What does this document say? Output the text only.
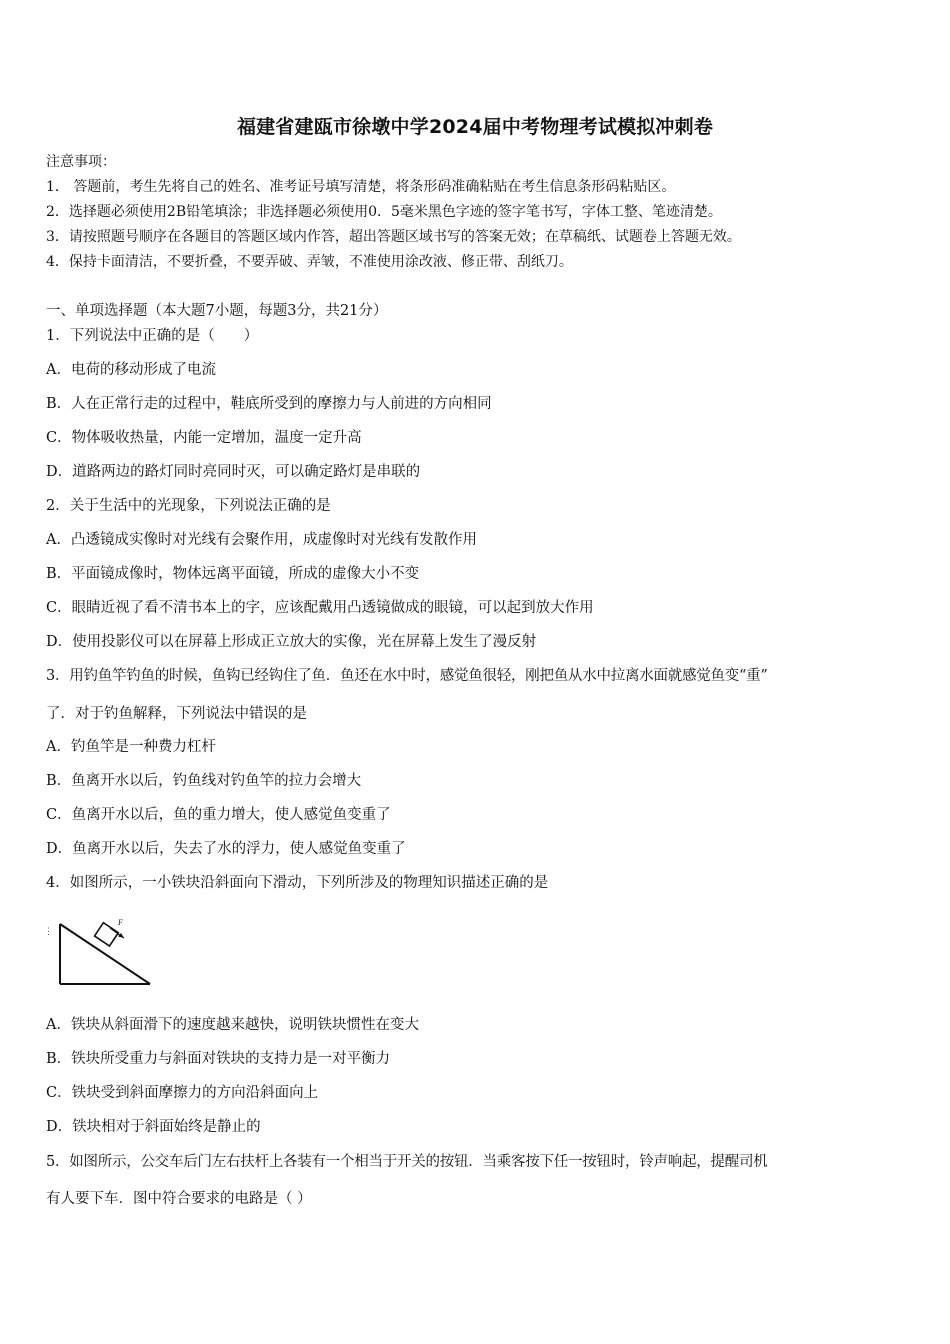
福建省建瓯市徐墩中学2024届中考物理考试模拟冲刺卷
注意事项：
1． 答题前，考生先将自己的姓名、准考证号填写清楚，将条形码准确粘贴在考生信息条形码粘贴区。
2．选择题必须使用2B铅笔填涂；非选择题必须使用0．5毫米黑色字迹的签字笔书写，字体工整、笔迹清楚。
3．请按照题号顺序在各题目的答题区域内作答，超出答题区域书写的答案无效；在草稿纸、试题卷上答题无效。
4．保持卡面清洁，不要折叠，不要弄破、弄皱，不准使用涂改液、修正带、刮纸刀。
一、单项选择题（本大题7小题，每题3分，共21分）
1．下列说法中正确的是（　　）
A．电荷的移动形成了电流
B．人在正常行走的过程中，鞋底所受到的摩擦力与人前进的方向相同
C．物体吸收热量，内能一定增加，温度一定升高
D．道路两边的路灯同时亮同时灭，可以确定路灯是串联的
2．关于生活中的光现象，下列说法正确的是
A．凸透镜成实像时对光线有会聚作用，成虚像时对光线有发散作用
B．平面镜成像时，物体远离平面镜，所成的虚像大小不变
C．眼睛近视了看不清书本上的字，应该配戴用凸透镜做成的眼镜，可以起到放大作用
D．使用投影仪可以在屏幕上形成正立放大的实像，光在屏幕上发生了漫反射
3．用钓鱼竿钓鱼的时候，鱼钩已经钩住了鱼．鱼还在水中时，感觉鱼很轻，刚把鱼从水中拉离水面就感觉鱼变“重”
了．对于钓鱼解释，下列说法中错误的是
A．钓鱼竿是一种费力杠杆
B．鱼离开水以后，钓鱼线对钓鱼竿的拉力会增大
C．鱼离开水以后，鱼的重力增大，使人感觉鱼变重了
D．鱼离开水以后，失去了水的浮力，使人感觉鱼变重了
4．如图所示，一小铁块沿斜面向下滑动，下列所涉及的物理知识描述正确的是
F
⋮
A．铁块从斜面滑下的速度越来越快，说明铁块惯性在变大
B．铁块所受重力与斜面对铁块的支持力是一对平衡力
C．铁块受到斜面摩擦力的方向沿斜面向上
D．铁块相对于斜面始终是静止的
5．如图所示，公交车后门左右扶杆上各装有一个相当于开关的按钮．当乘客按下任一按钮时，铃声响起，提醒司机
有人要下车．图中符合要求的电路是（ ）
